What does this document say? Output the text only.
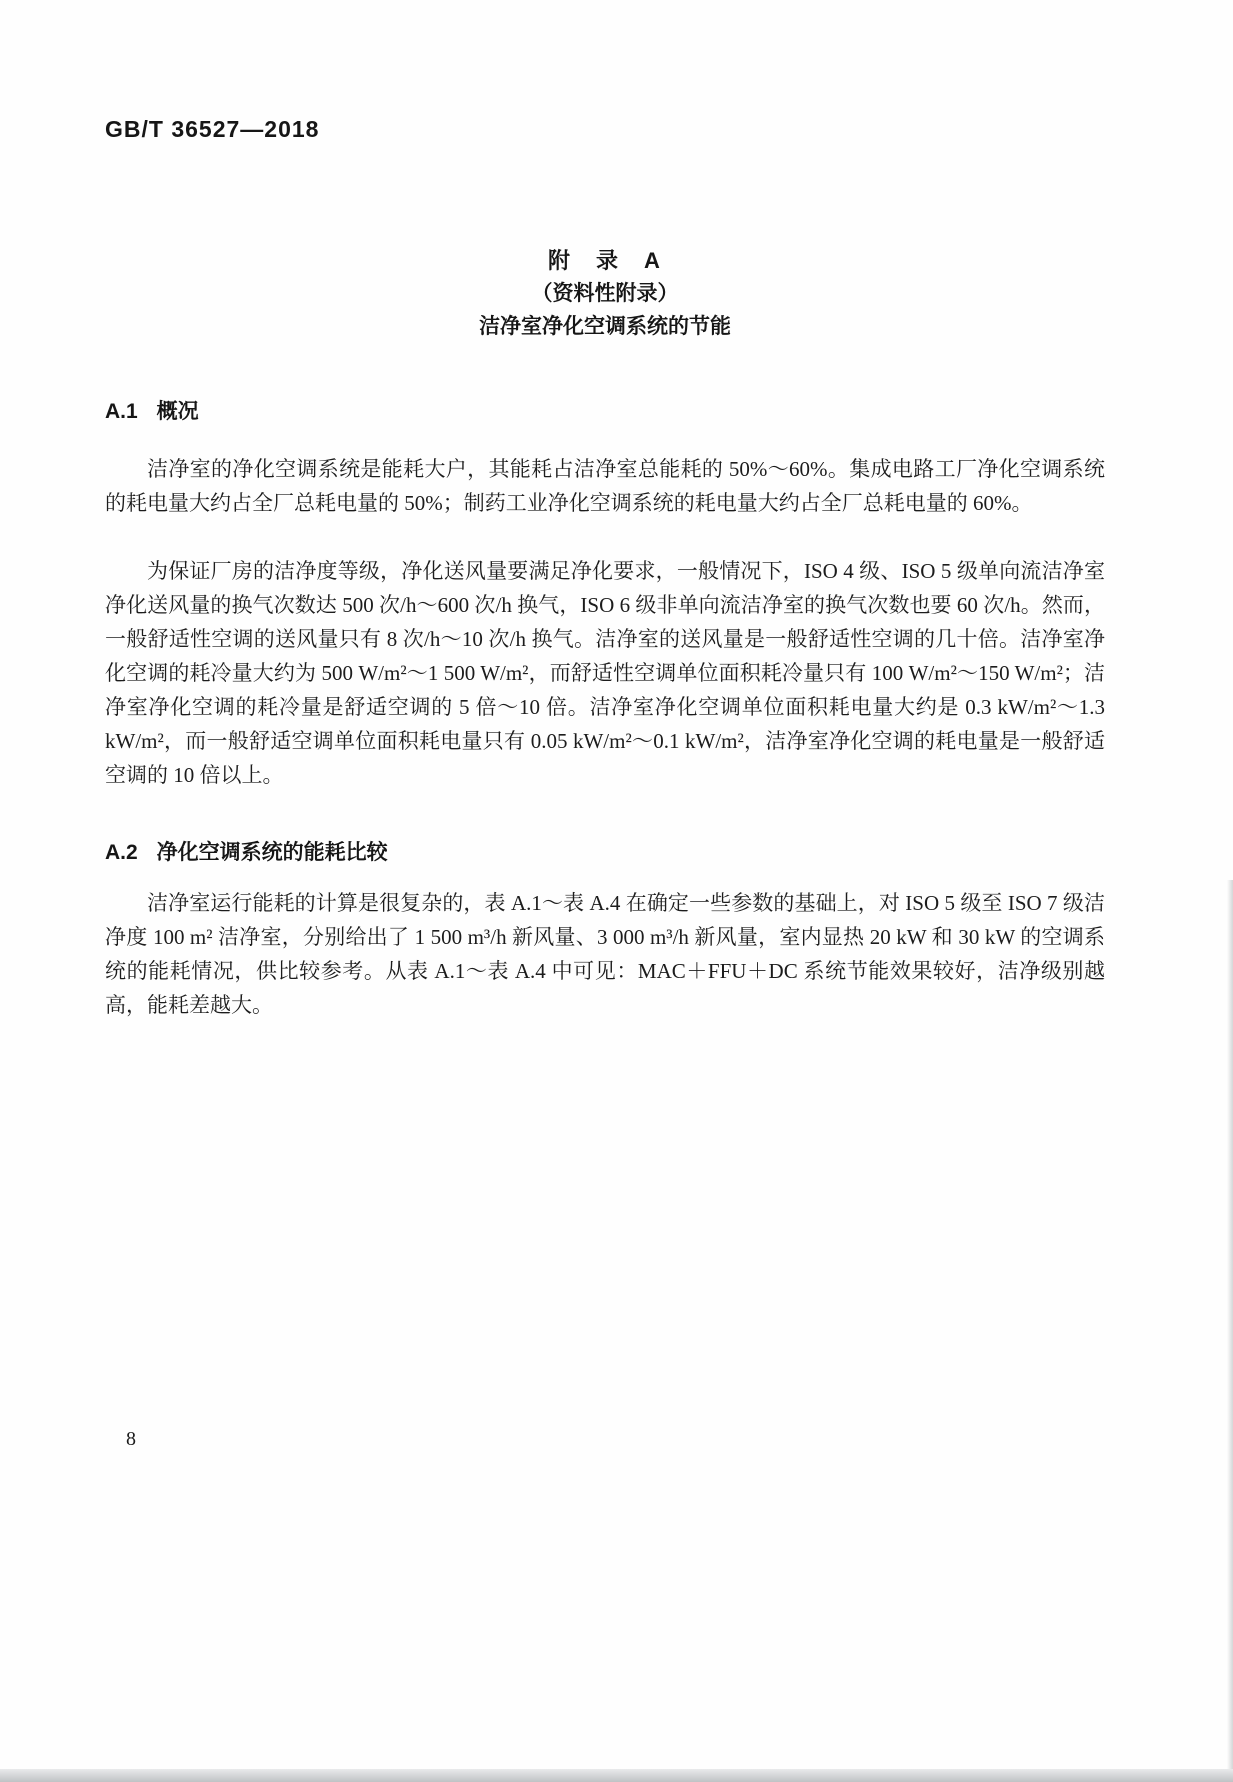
GB/T 36527—2018
附　录　A
（资料性附录）
洁净室净化空调系统的节能
A.1 概况

洁净室的净化空调系统是能耗大户，其能耗占洁净室总能耗的 50%～60%。集成电路工厂净化空调系统的耗电量大约占全厂总耗电量的 50%；制药工业净化空调系统的耗电量大约占全厂总耗电量的 60%。

为保证厂房的洁净度等级，净化送风量要满足净化要求，一般情况下，ISO 4 级、ISO 5 级单向流洁净室净化送风量的换气次数达 500 次/h～600 次/h 换气，ISO 6 级非单向流洁净室的换气次数也要 60 次/h。然而，一般舒适性空调的送风量只有 8 次/h～10 次/h 换气。洁净室的送风量是一般舒适性空调的几十倍。洁净室净化空调的耗冷量大约为 500 W/m²～1 500 W/m²，而舒适性空调单位面积耗冷量只有 100 W/m²～150 W/m²；洁净室净化空调的耗冷量是舒适空调的 5 倍～10 倍。洁净室净化空调单位面积耗电量大约是 0.3 kW/m²～1.3 kW/m²，而一般舒适空调单位面积耗电量只有 0.05 kW/m²～0.1 kW/m²，洁净室净化空调的耗电量是一般舒适空调的 10 倍以上。

A.2 净化空调系统的能耗比较

洁净室运行能耗的计算是很复杂的，表 A.1～表 A.4 在确定一些参数的基础上，对 ISO 5 级至 ISO 7 级洁净度 100 m² 洁净室，分别给出了 1 500 m³/h 新风量、3 000 m³/h 新风量，室内显热 20 kW 和 30 kW 的空调系统的能耗情况，供比较参考。从表 A.1～表 A.4 中可见：MAC＋FFU＋DC 系统节能效果较好，洁净级别越高，能耗差越大。

8
